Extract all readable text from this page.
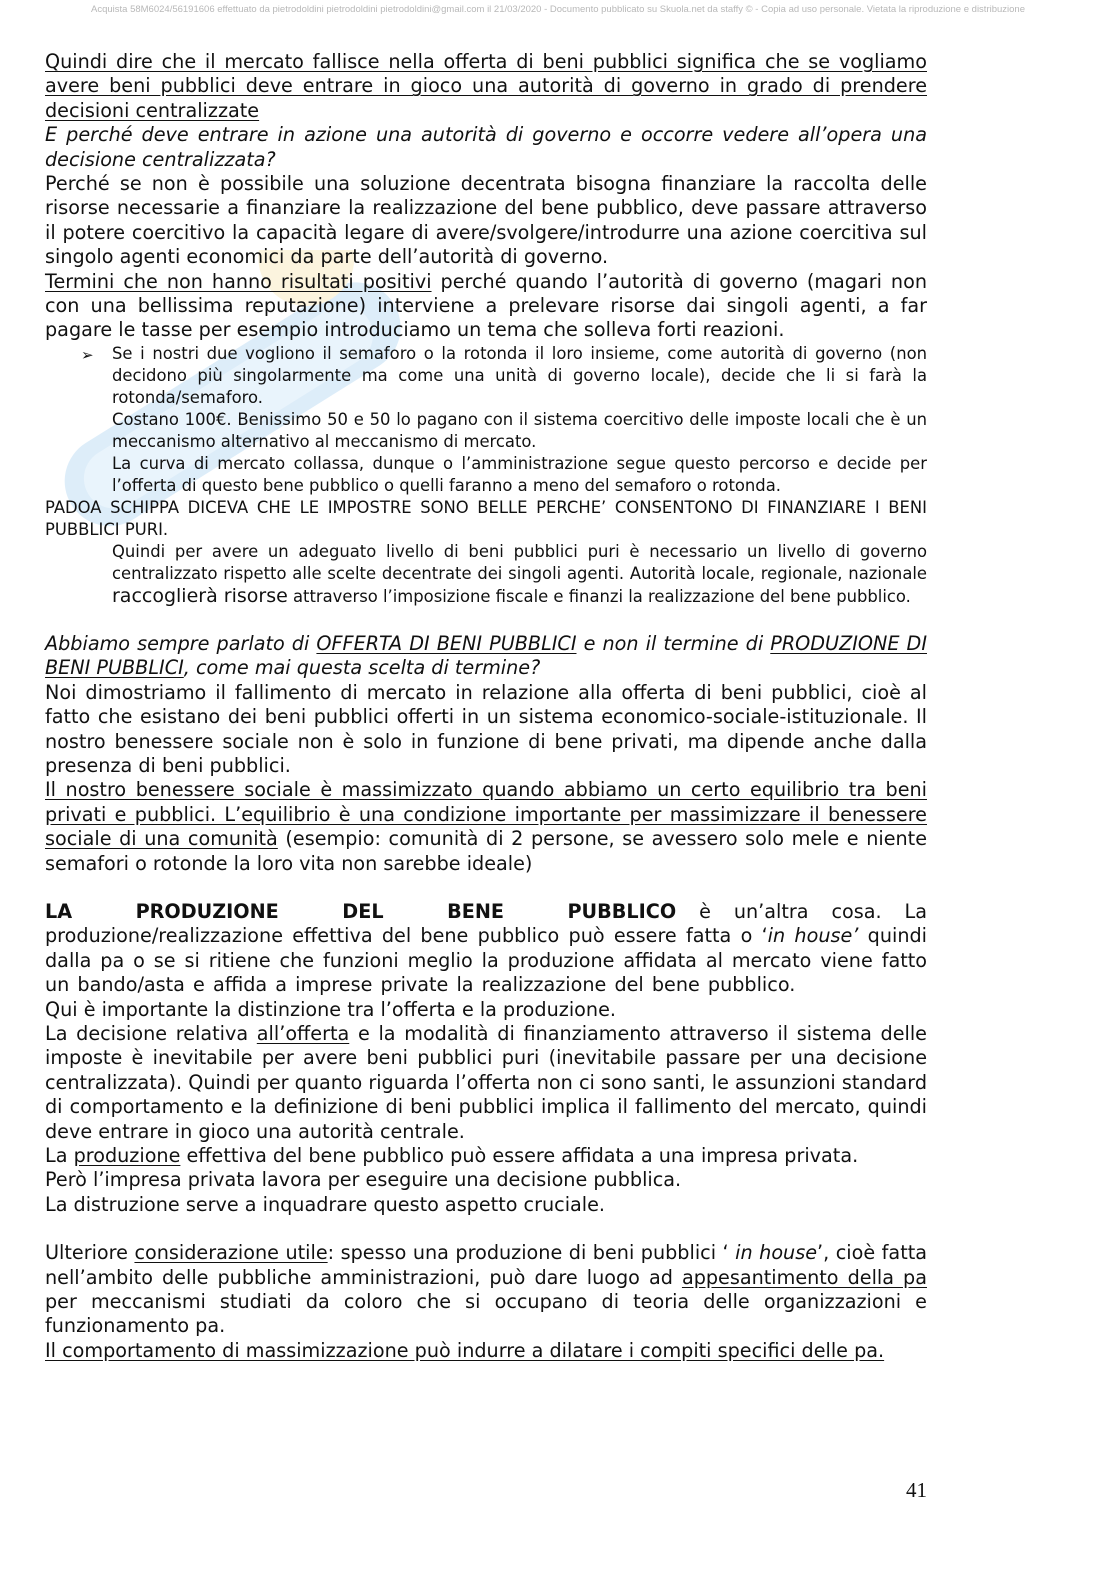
Acquista 58M6024/56191606 effettuato da pietrodoldini pietrodoldini pietrodoldini@gmail.com il 21/03/2020 - Documento pubblicato su Skuola.net da staffy © - Copia ad uso personale. Vietata la riproduzione e distribuzione

Quindi dire che il mercato fallisce nella offerta di beni pubblici significa che se vogliamo avere beni pubblici deve entrare in gioco una autorità di governo in grado di prendere decisioni centralizzate

E perché deve entrare in azione una autorità di governo e occorre vedere all’opera una decisione centralizzata?

Perché se non è possibile una soluzione decentrata bisogna finanziare la raccolta delle risorse necessarie a finanziare la realizzazione del bene pubblico, deve passare attraverso il potere coercitivo la capacità legare di avere/svolgere/introdurre una azione coercitiva sul singolo agenti economici da parte dell’autorità di governo.

Termini che non hanno risultati positivi perché quando l’autorità di governo (magari non con una bellissima reputazione) interviene a prelevare risorse dai singoli agenti, a far pagare le tasse per esempio introduciamo un tema che solleva forti reazioni.

➢ Se i nostri due vogliono il semaforo o la rotonda il loro insieme, come autorità di governo (non decidono più singolarmente ma come una unità di governo locale), decide che li si farà la rotonda/semaforo.

Costano 100€. Benissimo 50 e 50 lo pagano con il sistema coercitivo delle imposte locali che è un meccanismo alternativo al meccanismo di mercato.

La curva di mercato collassa, dunque o l’amministrazione segue questo percorso e decide per l’offerta di questo bene pubblico o quelli faranno a meno del semaforo o rotonda.

PADOA SCHIPPA DICEVA CHE LE IMPOSTRE SONO BELLE PERCHE’ CONSENTONO DI FINANZIARE I BENI PUBBLICI PURI.

Quindi per avere un adeguato livello di beni pubblici puri è necessario un livello di governo centralizzato rispetto alle scelte decentrate dei singoli agenti. Autorità locale, regionale, nazionale raccoglierà risorse attraverso l’imposizione fiscale e finanzi la realizzazione del bene pubblico.

Abbiamo sempre parlato di OFFERTA DI BENI PUBBLICI e non il termine di PRODUZIONE DI BENI PUBBLICI, come mai questa scelta di termine?

Noi dimostriamo il fallimento di mercato in relazione alla offerta di beni pubblici, cioè al fatto che esistano dei beni pubblici offerti in un sistema economico-sociale-istituzionale. Il nostro benessere sociale non è solo in funzione di bene privati, ma dipende anche dalla presenza di beni pubblici.

Il nostro benessere sociale è massimizzato quando abbiamo un certo equilibrio tra beni privati e pubblici. L’equilibrio è una condizione importante per massimizzare il benessere sociale di una comunità (esempio: comunità di 2 persone, se avessero solo mele e niente semafori o rotonde la loro vita non sarebbe ideale)

LA PRODUZIONE DEL BENE PUBBLICO è un’altra cosa. La produzione/realizzazione effettiva del bene pubblico può essere fatta o ‘in house’ quindi dalla pa o se si ritiene che funzioni meglio la produzione affidata al mercato viene fatto un bando/asta e affida a imprese private la realizzazione del bene pubblico.

Qui è importante la distinzione tra l’offerta e la produzione.

La decisione relativa all’offerta e la modalità di finanziamento attraverso il sistema delle imposte è inevitabile per avere beni pubblici puri (inevitabile passare per una decisione centralizzata). Quindi per quanto riguarda l’offerta non ci sono santi, le assunzioni standard di comportamento e la definizione di beni pubblici implica il fallimento del mercato, quindi deve entrare in gioco una autorità centrale.

La produzione effettiva del bene pubblico può essere affidata a una impresa privata.

Però l’impresa privata lavora per eseguire una decisione pubblica.

La distruzione serve a inquadrare questo aspetto cruciale.

Ulteriore considerazione utile: spesso una produzione di beni pubblici ‘ in house’, cioè fatta nell’ambito delle pubbliche amministrazioni, può dare luogo ad appesantimento della pa per meccanismi studiati da coloro che si occupano di teoria delle organizzazioni e funzionamento pa.

Il comportamento di massimizzazione può indurre a dilatare i compiti specifici delle pa.

41
